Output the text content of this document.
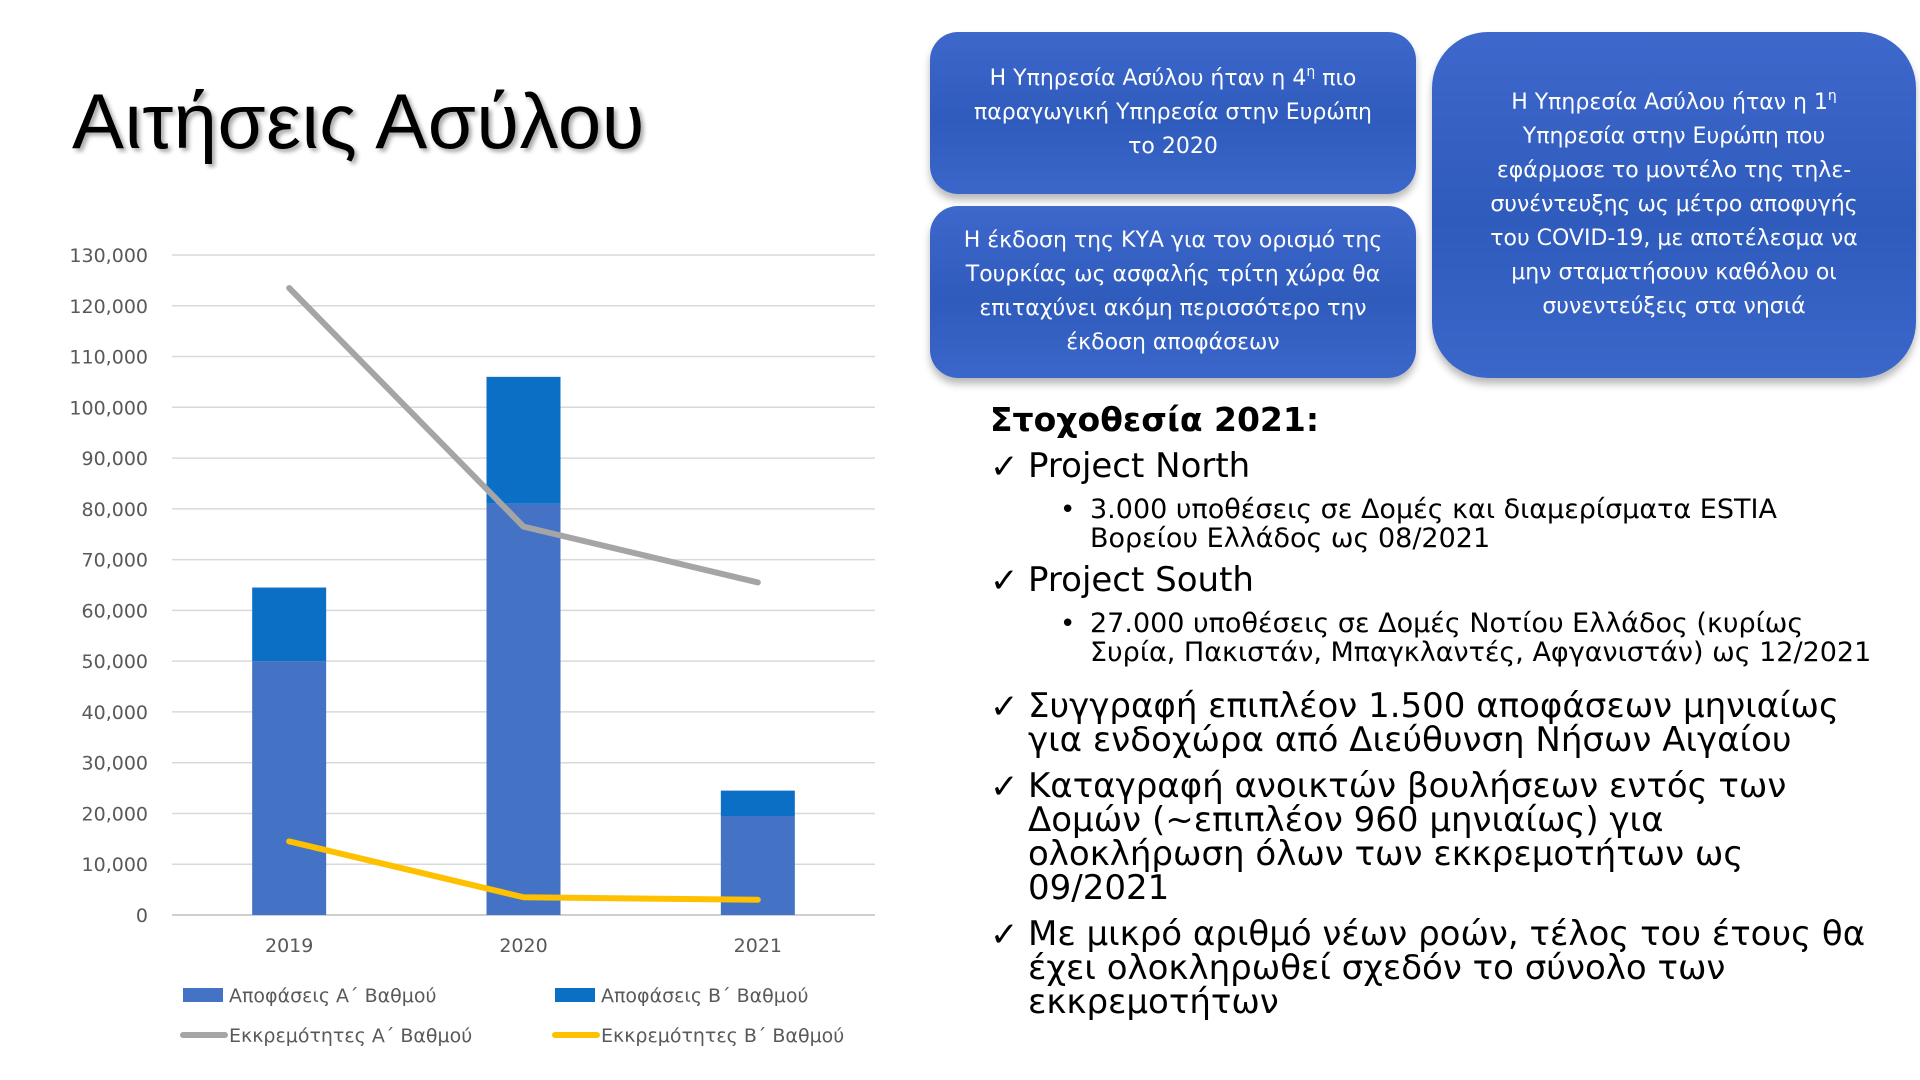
Αιτήσεις Ασύλου
0
10,000
20,000
30,000
40,000
50,000
60,000
70,000
80,000
90,000
100,000
110,000
120,000
130,000
2019	2020	2021
Αποφάσεις Α΄ Βαθμού	Αποφάσεις Β΄ Βαθμού
Εκκρεμότητες Α΄ Βαθμού	Εκκρεμότητες Β΄ Βαθμού
Η Υπηρεσία Ασύλου ήταν η $4^\eta$ πιο
παραγωγική Υπηρεσία στην Ευρώπη
το 2020
Η έκδοση της ΚΥΑ για τον ορισμό της
Τουρκίας ως ασφαλής τρίτη χώρα θα
επιταχύνει ακόμη περισσότερο την
έκδοση αποφάσεων
Η Υπηρεσία Ασύλου ήταν η $1^\eta$
Υπηρεσία στην Ευρώπη που
εφάρμοσε το μοντέλο της τηλε-
συνέντευξης ως μέτρο αποφυγής
του COVID-19, με αποτέλεσμα να
μην σταματήσουν καθόλου οι
συνεντεύξεις στα νησιά
Στοχοθεσία 2021:
✓ Project North
• 3.000 υποθέσεις σε Δομές και διαμερίσματα ESTIA Βορείου Ελλάδος ως 08/2021
✓ Project South
• 27.000 υποθέσεις σε Δομές Νοτίου Ελλάδος (κυρίως Συρία, Πακιστάν, Μπαγκλαντές, Αφγανιστάν) ως 12/2021
✓ Συγγραφή επιπλέον 1.500 αποφάσεων μηνιαίως για ενδοχώρα από Διεύθυνση Νήσων Αιγαίου
✓ Καταγραφή ανοικτών βουλήσεων εντός των Δομών (~επιπλέον 960 μηνιαίως) για ολοκλήρωση όλων των εκκρεμοτήτων ως 09/2021
✓ Με μικρό αριθμό νέων ροών, τέλος του έτους θα έχει ολοκληρωθεί σχεδόν το σύνολο των εκκρεμοτήτων
